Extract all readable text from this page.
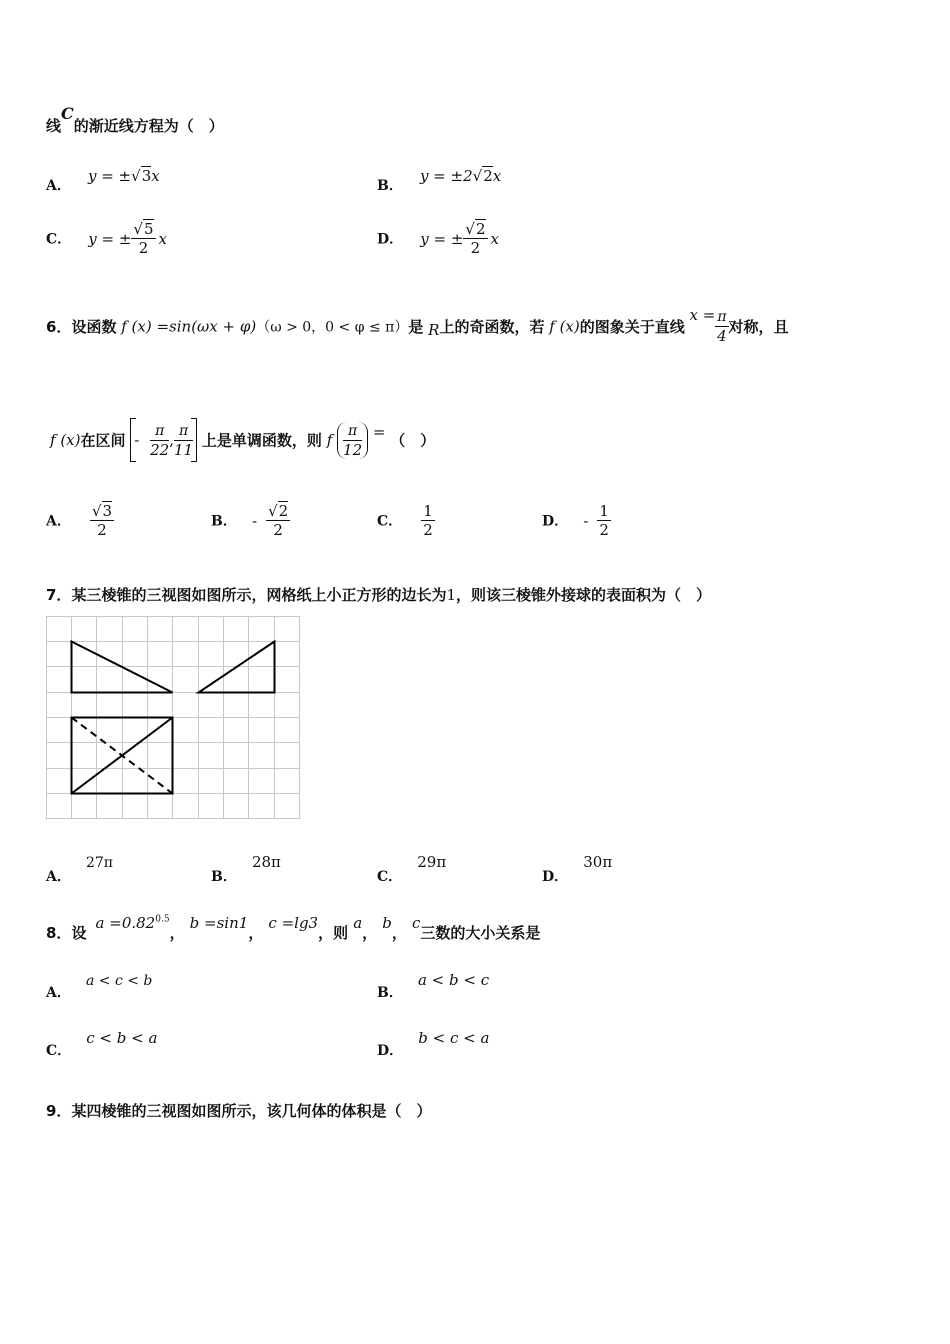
线C的渐近线方程为（　）
A． y = ±√3x
B． y = ±2√2x
C． y = ± $\frac{√5}{2}$ x	D． y = ± $\frac{√2}{2}$ x
6．设函数 f (x) =sin(ωx + φ)（ω > 0，0 < φ ≤ π）是 R上的奇函数，若 f (x)的图象关于直线 $x = \frac{\pi}{4}$ 对称，且
f (x)在区间 - $\frac{\pi}{22}$ , $\frac{\pi}{11}$ 上是单调函数，则 f $\frac{\pi}{12}$ = （　）
A． $\frac{√3}{2}$	B． - $\frac{√2}{2}$	C． $\frac{1}{2}$	D． - $\frac{1}{2}$
7．某三棱锥的三视图如图所示，网格纸上小正方形的边长为1，则该三棱锥外接球的表面积为（　）
A． 27π
B． 28π
C． 29π
D． 30π
8．设 $a =0.82^{0.5}$， b =sin1， c =lg3，则 a， b， c三数的大小关系是
A． a < c < b
B． a < b < c
C． c < b < a
D． b < c < a
9．某四棱锥的三视图如图所示，该几何体的体积是（　）
